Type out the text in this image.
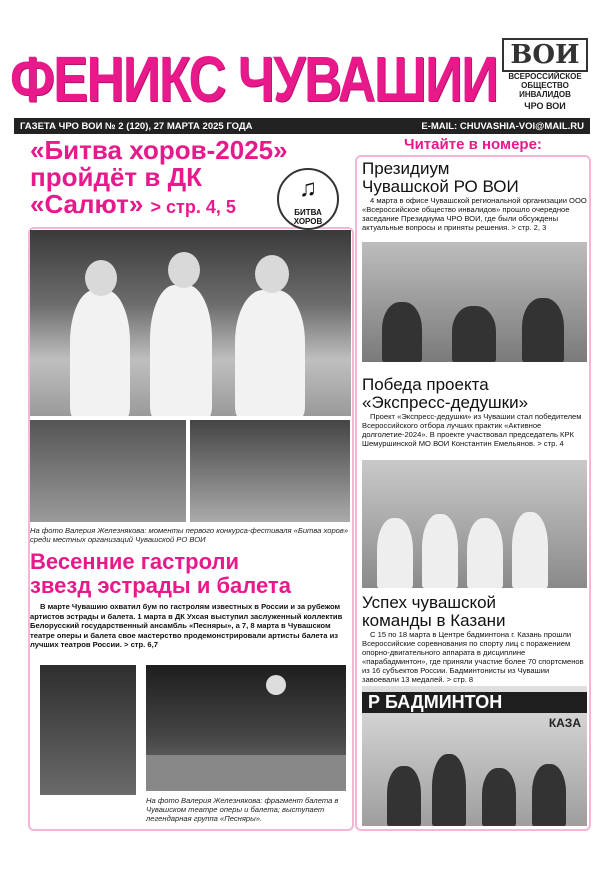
ФЕНИКС ЧУВАШИИ ВОИ
ВСЕРОССИЙСКОЕ
ОБЩЕСТВО
ИНВАЛИДОВ
ЧРО ВОИ
ГАЗЕТА ЧРО ВОИ № 2 (120), 27 МАРТА 2025 ГОДА	E-MAIL: CHUVASHIA-VOI@MAIL.RU
«Битва хоров-2025»
пройдёт в ДК
«Салют» > стр. 4, 5
♫
БИТВА ХОРОВ
На фото Валерия Железнякова: моменты первого конкурса-фестиваля «Битва хоров» среди местных организаций Чувашской РО ВОИ
Весенние гастроли
звезд эстрады и балета
В марте Чувашию охватил бум по гастролям известных в России и за рубежом артистов эстрады и балета. 1 марта в ДК Ухсая выступил заслуженный коллектив Белорусский государственный ансамбль «Песняры», а 7, 8 марта в Чувашском театре оперы и балета свое мастерство продемонстрировали артисты балета из лучших театров России. > стр. 6,7
На фото Валерия Железнякова: фрагмент балета в Чувашском театре оперы и балета; выступает легендарная группа «Песняры».
Читайте в номере:
Президиум
Чувашской РО ВОИ
4 марта в офисе Чувашской региональной организации ООО «Всероссийское общество инвалидов» прошло очередное заседание Президиума ЧРО ВОИ, где были обсуждены актуальные вопросы и приняты решения. > стр. 2, 3
Победа проекта
«Экспресс-дедушки»
Проект «Экспресс-дедушки» из Чувашии стал победителем Всероссийского отбора лучших практик «Активное долголетие-2024». В проекте участвовал председатель КРК Шемуршинской МО ВОИ Константин Емельянов. > стр. 4
Успех чувашской
команды в Казани
С 15 по 18 марта в Центре бадминтона г. Казань прошли Всероссийские соревнования по спорту лиц с поражением опорно-двигательного аппарата в дисциплине «парабадминтон», где приняли участие более 70 спортсменов из 16 субъектов России. Бадминтонисты из Чувашии завоевали 13 медалей. > стр. 8
Р БАДМИНТОН
КАЗА
